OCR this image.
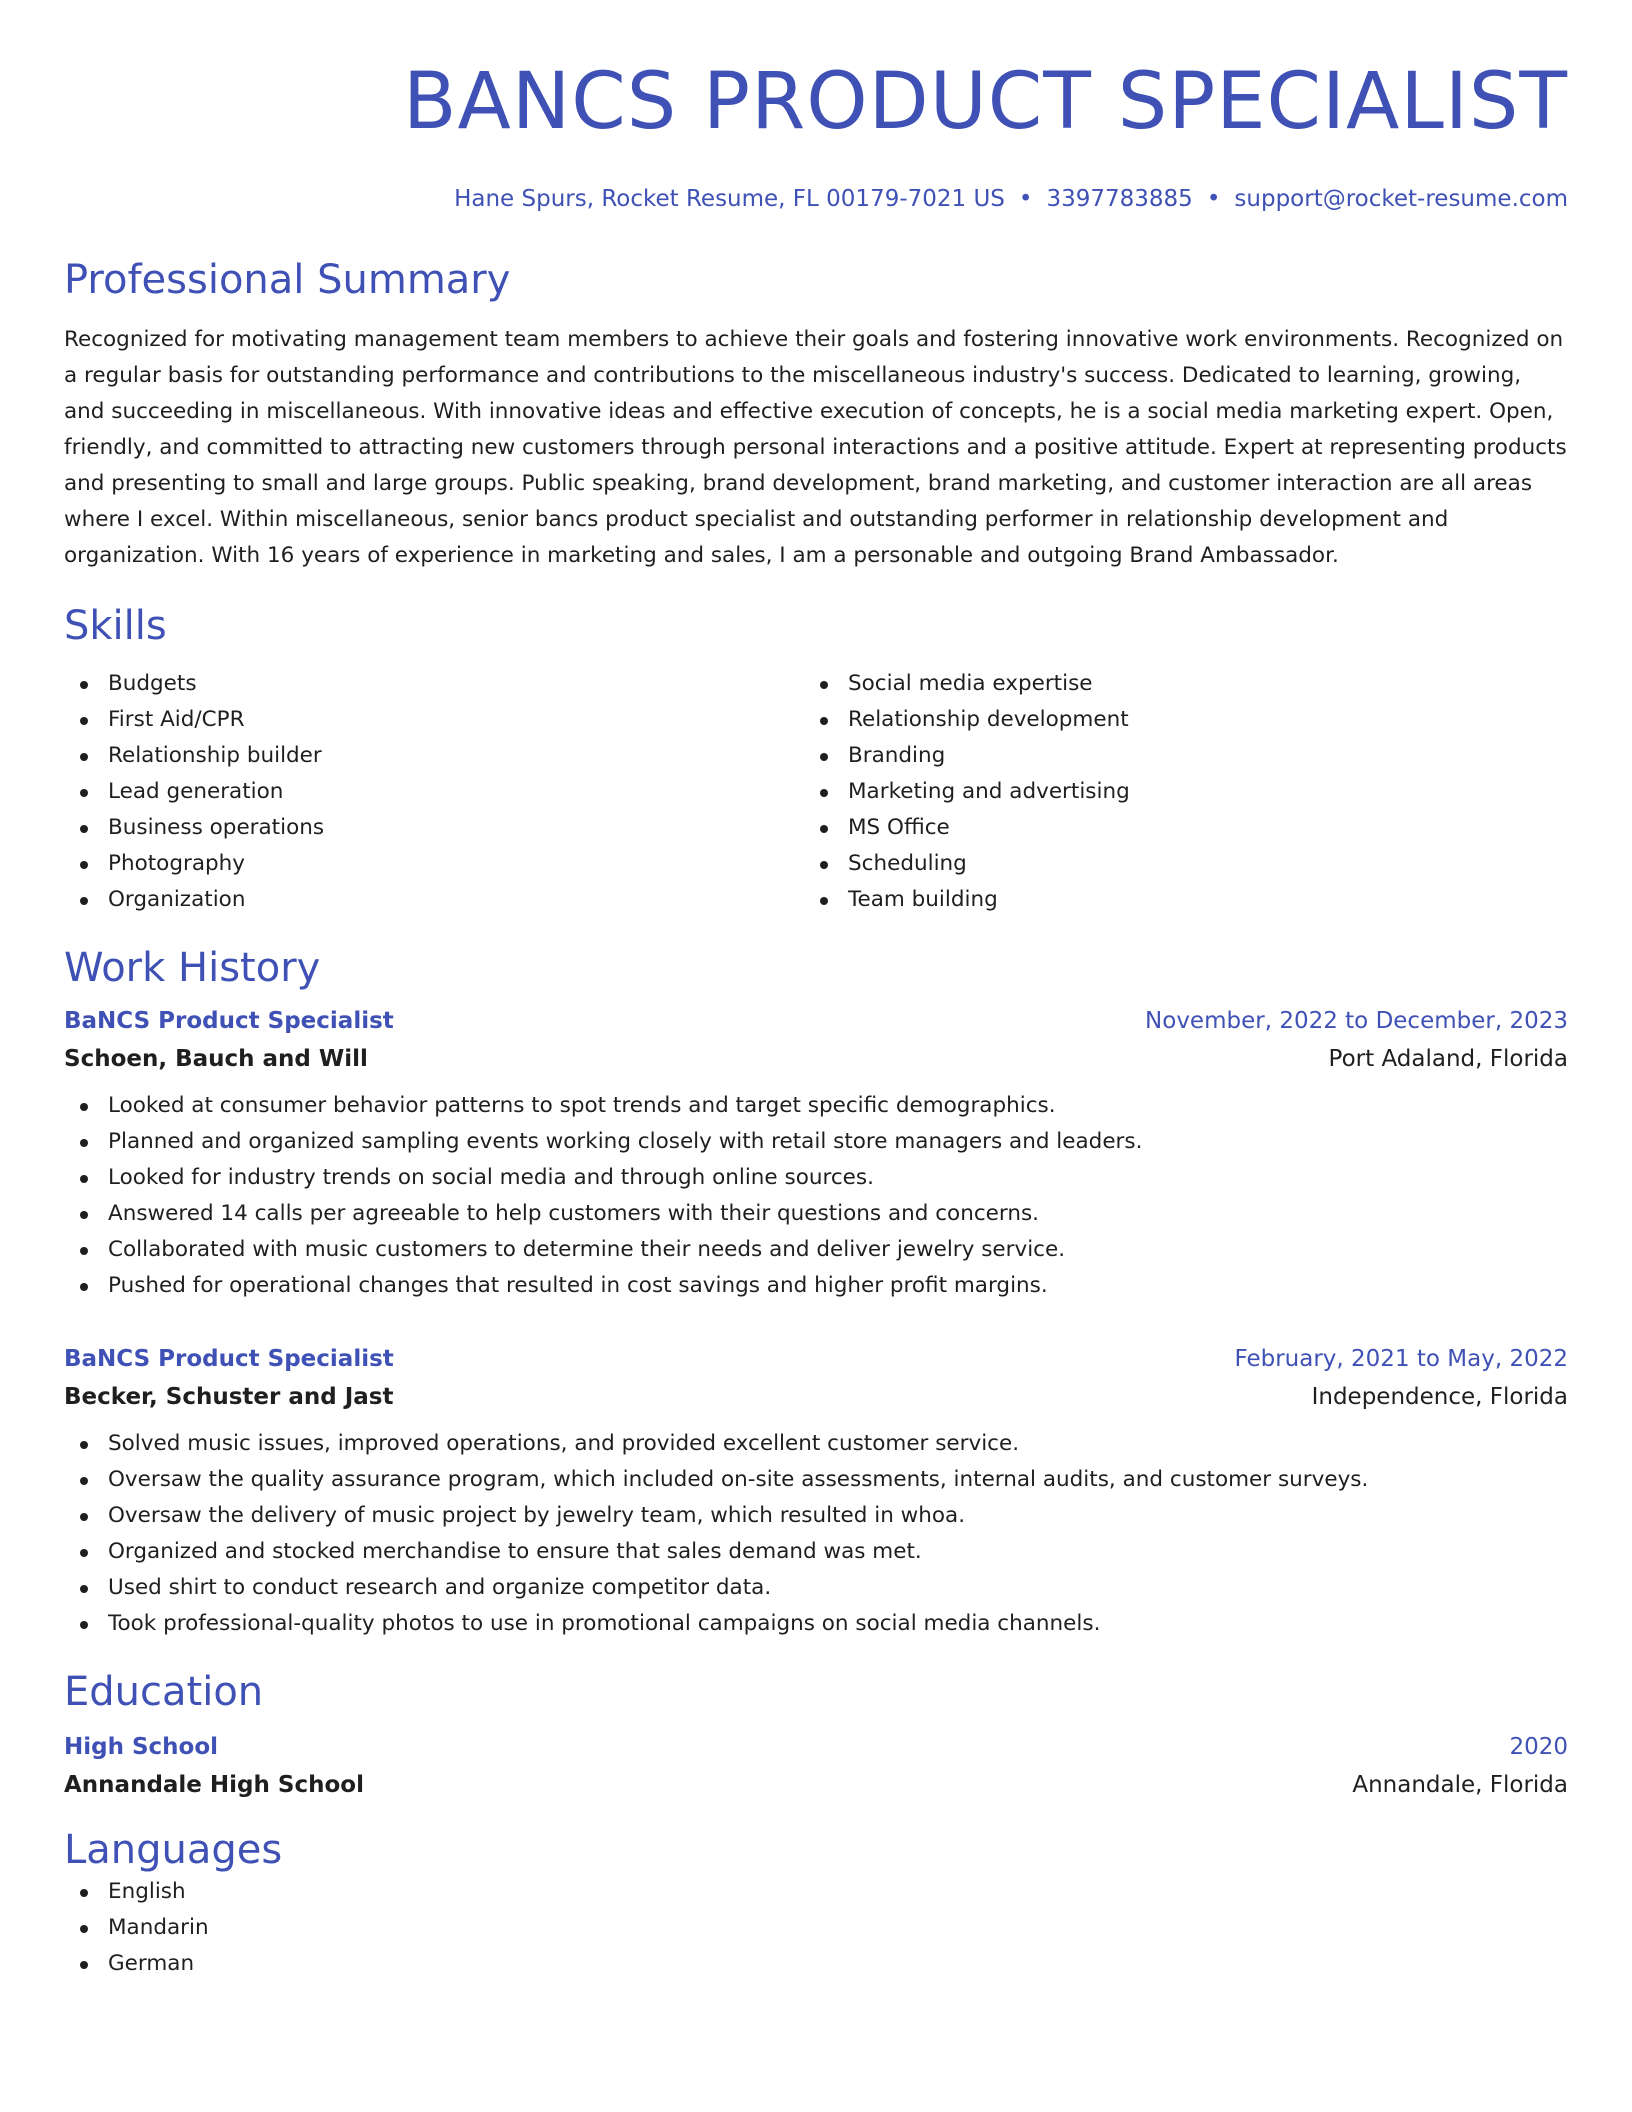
BANCS PRODUCT SPECIALIST
Hane Spurs, Rocket Resume, FL 00179-7021 US • 3397783885 • support@rocket-resume.com
Professional Summary
Recognized for motivating management team members to achieve their goals and fostering innovative work environments. Recognized on a regular basis for outstanding performance and contributions to the miscellaneous industry's success. Dedicated to learning, growing, and succeeding in miscellaneous. With innovative ideas and effective execution of concepts, he is a social media marketing expert. Open, friendly, and committed to attracting new customers through personal interactions and a positive attitude. Expert at representing products and presenting to small and large groups. Public speaking, brand development, brand marketing, and customer interaction are all areas where I excel. Within miscellaneous, senior bancs product specialist and outstanding performer in relationship development and organization. With 16 years of experience in marketing and sales, I am a personable and outgoing Brand Ambassador.
Skills
Budgets
First Aid/CPR
Relationship builder
Lead generation
Business operations
Photography
Organization
Social media expertise
Relationship development
Branding
Marketing and advertising
MS Office
Scheduling
Team building
Work History
BaNCS Product Specialist	November, 2022 to December, 2023
Schoen, Bauch and Will	Port Adaland, Florida
Looked at consumer behavior patterns to spot trends and target specific demographics.
Planned and organized sampling events working closely with retail store managers and leaders.
Looked for industry trends on social media and through online sources.
Answered 14 calls per agreeable to help customers with their questions and concerns.
Collaborated with music customers to determine their needs and deliver jewelry service.
Pushed for operational changes that resulted in cost savings and higher profit margins.
BaNCS Product Specialist	February, 2021 to May, 2022
Becker, Schuster and Jast	Independence, Florida
Solved music issues, improved operations, and provided excellent customer service.
Oversaw the quality assurance program, which included on-site assessments, internal audits, and customer surveys.
Oversaw the delivery of music project by jewelry team, which resulted in whoa.
Organized and stocked merchandise to ensure that sales demand was met.
Used shirt to conduct research and organize competitor data.
Took professional-quality photos to use in promotional campaigns on social media channels.
Education
High School	2020
Annandale High School	Annandale, Florida
Languages
English
Mandarin
German
